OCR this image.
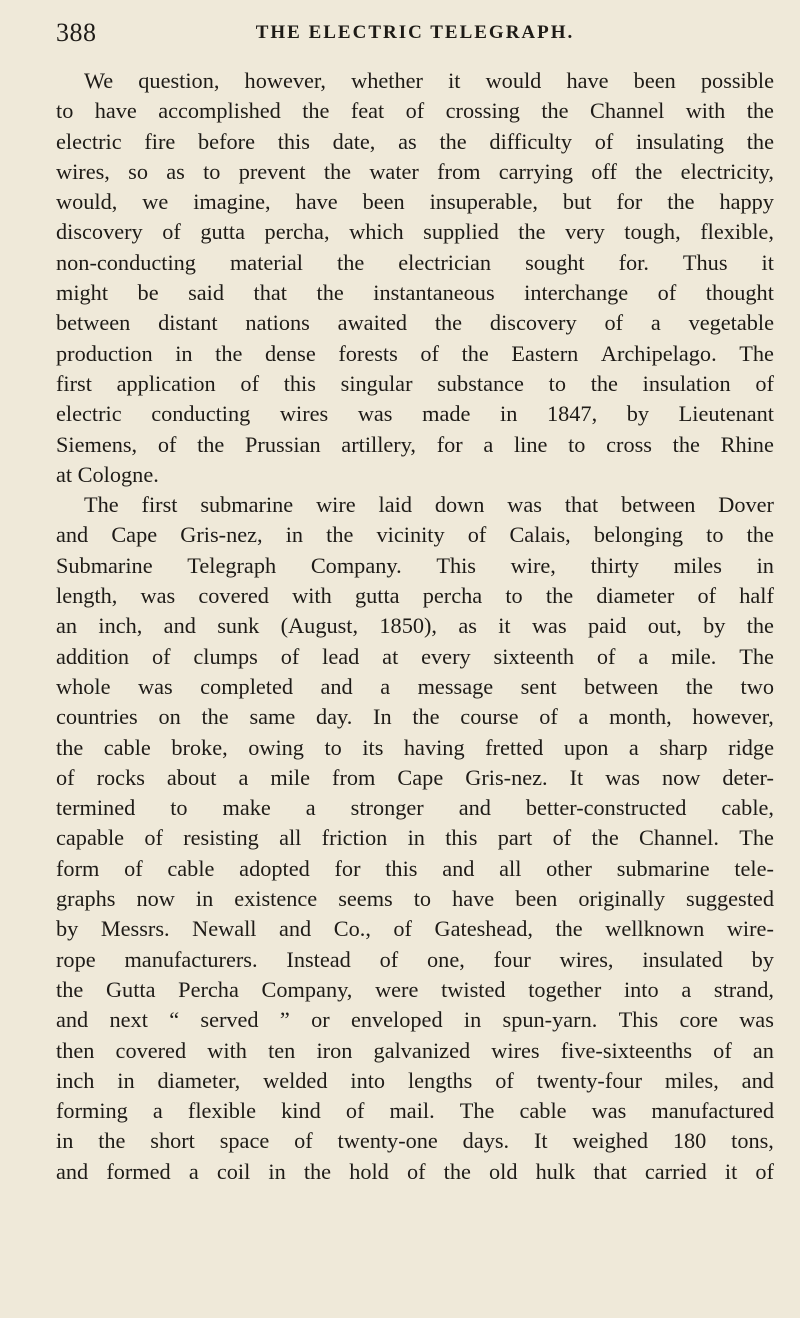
388	THE ELECTRIC TELEGRAPH.
We question, however, whether it would have been possible
to have accomplished the feat of crossing the Channel with the
electric fire before this date, as the difficulty of insulating the
wires, so as to prevent the water from carrying off the electricity,
would, we imagine, have been insuperable, but for the happy
discovery of gutta percha, which supplied the very tough, flexible,
non-conducting material the electrician sought for. Thus it
might be said that the instantaneous interchange of thought
between distant nations awaited the discovery of a vegetable
production in the dense forests of the Eastern Archipelago. The
first application of this singular substance to the insulation of
electric conducting wires was made in 1847, by Lieutenant
Siemens, of the Prussian artillery, for a line to cross the Rhine
at Cologne.
The first submarine wire laid down was that between Dover
and Cape Gris-nez, in the vicinity of Calais, belonging to the
Submarine Telegraph Company. This wire, thirty miles in
length, was covered with gutta percha to the diameter of half
an inch, and sunk (August, 1850), as it was paid out, by the
addition of clumps of lead at every sixteenth of a mile. The
whole was completed and a message sent between the two
countries on the same day. In the course of a month, however,
the cable broke, owing to its having fretted upon a sharp ridge
of rocks about a mile from Cape Gris-nez. It was now deter-
termined to make a stronger and better-constructed cable,
capable of resisting all friction in this part of the Channel. The
form of cable adopted for this and all other submarine tele-
graphs now in existence seems to have been originally suggested
by Messrs. Newall and Co., of Gateshead, the wellknown wire-
rope manufacturers. Instead of one, four wires, insulated by
the Gutta Percha Company, were twisted together into a strand,
and next “ served ” or enveloped in spun-yarn. This core was
then covered with ten iron galvanized wires five-sixteenths of an
inch in diameter, welded into lengths of twenty-four miles, and
forming a flexible kind of mail. The cable was manufactured
in the short space of twenty-one days. It weighed 180 tons,
and formed a coil in the hold of the old hulk that carried it of
